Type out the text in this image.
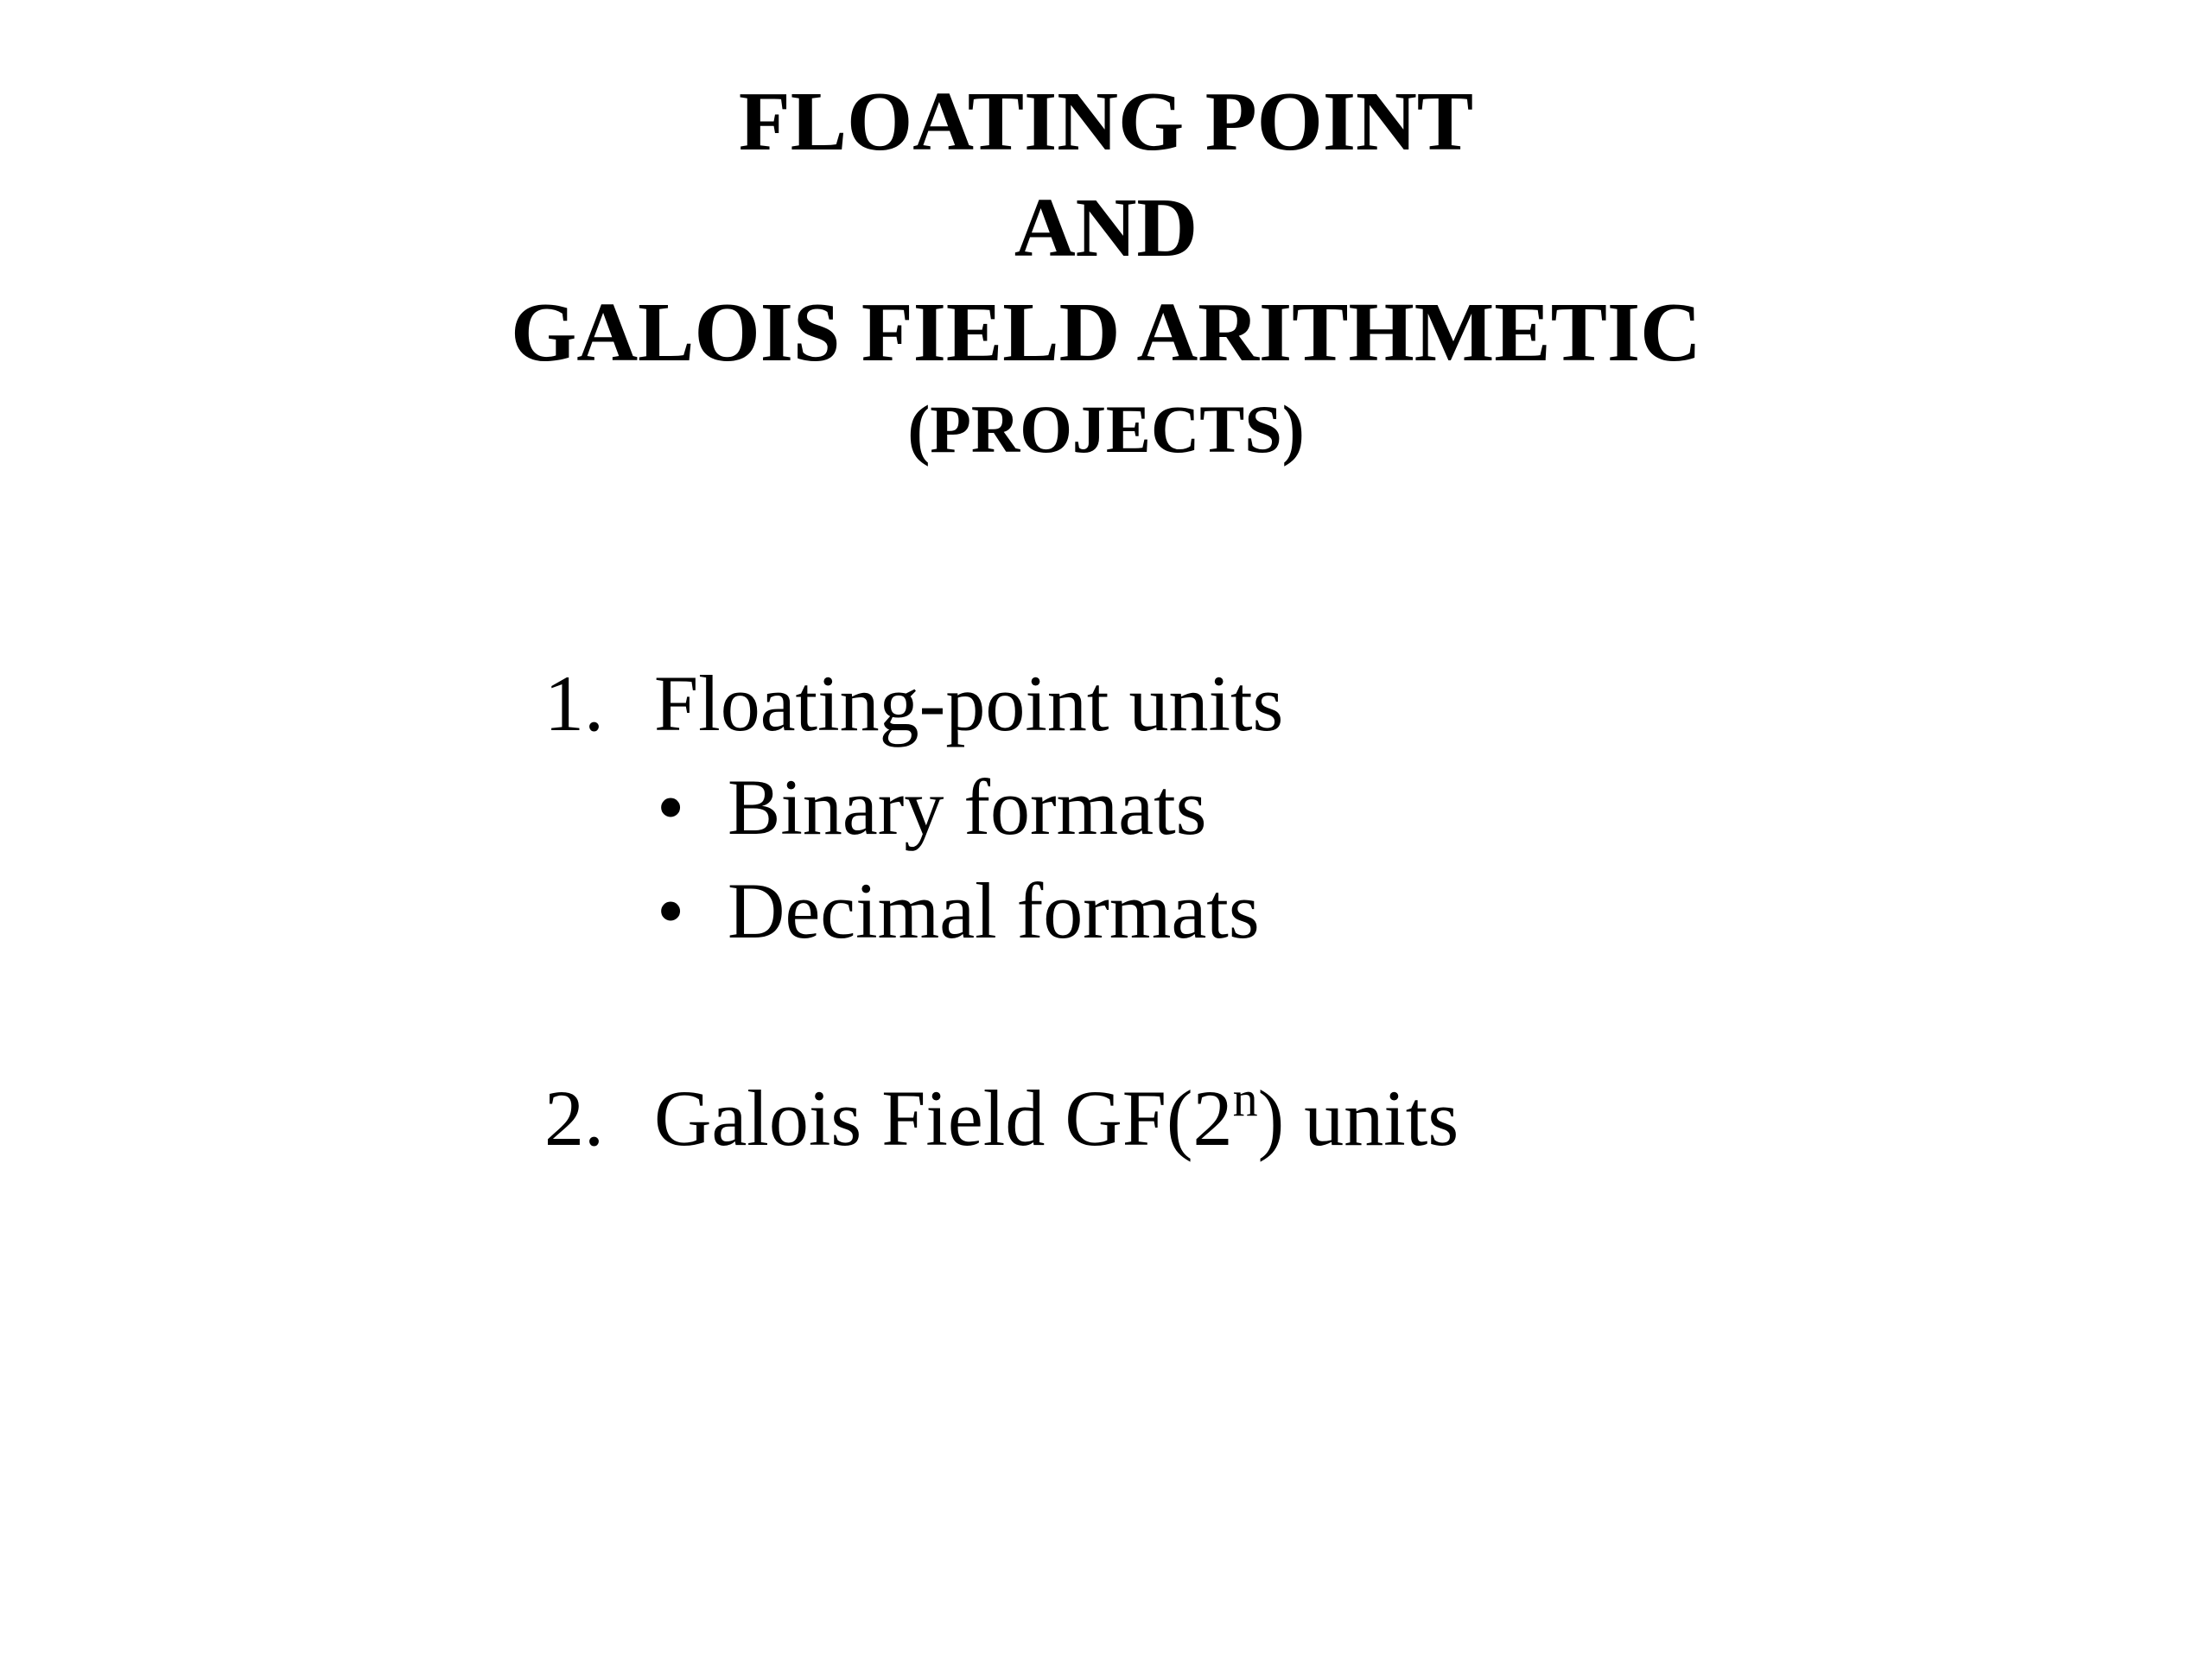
FLOATING POINT
AND
GALOIS FIELD ARITHMETIC
(PROJECTS)
1. Floating-point units
• Binary formats
• Decimal formats
2. Galois Field GF(2$^n$) units
